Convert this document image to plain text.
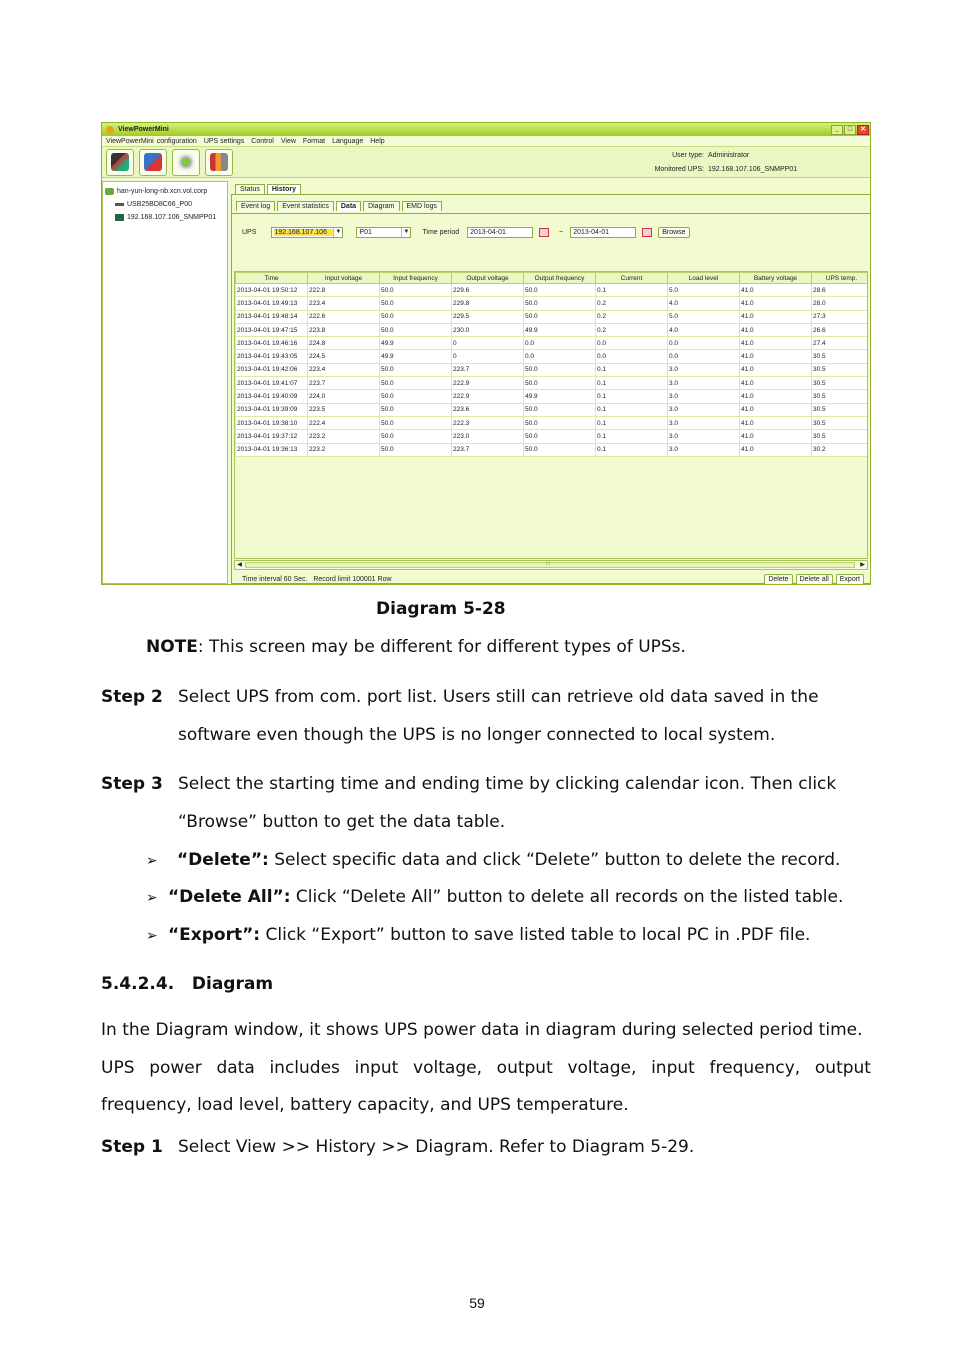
ViewPowerMini	_	□	✕
ViewPowerMini configuration UPS settings Control View Format Language Help
User type: Administrator
Monitored UPS: 192.168.107.106_SNMPP01
han-yun-long-nb.xcn.vol.corp
USB25BD8C66_P00
192.168.107.106_SNMPP01
Status	History
Event log	Event statistics	Data	Diagram	EMD logs
UPS	192.168.107.106	▼	P01	▼ Time period 2013-04-01	~ 2013-04-01	Browse
Time	Input voltage	Input frequency	Output voltage	Output frequency	Current	Load level	Battery voltage	UPS temp.
2013-04-01 19:50:12	222.8	50.0	229.6	50.0	0.1	5.0	41.0	28.6
2013-04-01 19:49:13	223.4	50.0	229.8	50.0	0.2	4.0	41.0	28.0
2013-04-01 19:48:14	222.6	50.0	229.5	50.0	0.2	5.0	41.0	27.3
2013-04-01 19:47:15	223.8	50.0	230.0	49.9	0.2	4.0	41.0	26.6
2013-04-01 19:46:16	224.8	49.9	0	0.0	0.0	0.0	41.0	27.4
2013-04-01 19:43:05	224.5	49.9	0	0.0	0.0	0.0	41.0	30.5
2013-04-01 19:42:06	223.4	50.0	223.7	50.0	0.1	3.0	41.0	30.5
2013-04-01 19:41:07	223.7	50.0	222.9	50.0	0.1	3.0	41.0	30.5
2013-04-01 19:40:09	224.0	50.0	222.9	49.9	0.1	3.0	41.0	30.5
2013-04-01 19:39:09	223.5	50.0	223.6	50.0	0.1	3.0	41.0	30.5
2013-04-01 19:38:10	222.4	50.0	222.3	50.0	0.1	3.0	41.0	30.5
2013-04-01 19:37:12	223.2	50.0	223.0	50.0	0.1	3.0	41.0	30.5
2013-04-01 19:36:13	223.2	50.0	223.7	50.0	0.1	3.0	41.0	30.2
◀	III	▶
Time interval 60 Sec.   Record limit 100001 Row	Delete	Delete all	Export
Diagram 5-28
NOTE: This screen may be different for different types of UPSs.
Step 2 Select UPS from com. port list. Users still can retrieve old data saved in the
software even though the UPS is no longer connected to local system.
Step 3 Select the starting time and ending time by clicking calendar icon. Then click
“Browse” button to get the data table.
➢ “Delete”: Select specific data and click “Delete” button to delete the record.
➢ “Delete All”: Click “Delete All” button to delete all records on the listed table.
➢ “Export”: Click “Export” button to save listed table to local PC in .PDF file.
5.4.2.4.   Diagram
In the Diagram window, it shows UPS power data in diagram during selected period time.
UPS power data includes input voltage, output voltage, input frequency, output
frequency, load level, battery capacity, and UPS temperature.
Step 1 Select View >> History >> Diagram. Refer to Diagram 5-29.
59
